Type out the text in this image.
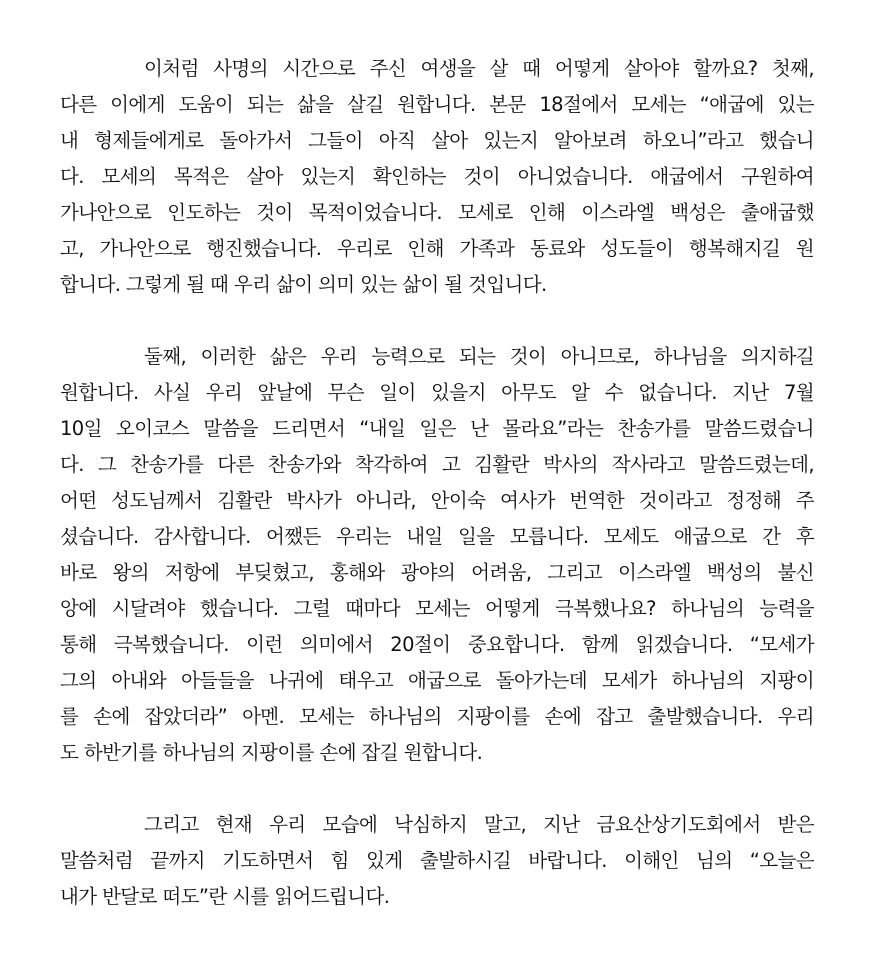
이처럼 사명의 시간으로 주신 여생을 살 때 어떻게 살아야 할까요? 첫째,
다른 이에게 도움이 되는 삶을 살길 원합니다. 본문 18절에서 모세는 “애굽에 있는
내 형제들에게로 돌아가서 그들이 아직 살아 있는지 알아보려 하오니”라고 했습니
다. 모세의 목적은 살아 있는지 확인하는 것이 아니었습니다. 애굽에서 구원하여
가나안으로 인도하는 것이 목적이었습니다. 모세로 인해 이스라엘 백성은 출애굽했
고, 가나안으로 행진했습니다. 우리로 인해 가족과 동료와 성도들이 행복해지길 원
합니다. 그렇게 될 때 우리 삶이 의미 있는 삶이 될 것입니다.
둘째, 이러한 삶은 우리 능력으로 되는 것이 아니므로, 하나님을 의지하길
원합니다. 사실 우리 앞날에 무슨 일이 있을지 아무도 알 수 없습니다. 지난 7월
10일 오이코스 말씀을 드리면서 “내일 일은 난 몰라요”라는 찬송가를 말씀드렸습니
다. 그 찬송가를 다른 찬송가와 착각하여 고 김활란 박사의 작사라고 말씀드렸는데,
어떤 성도님께서 김활란 박사가 아니라, 안이숙 여사가 번역한 것이라고 정정해 주
셨습니다. 감사합니다. 어쨌든 우리는 내일 일을 모릅니다. 모세도 애굽으로 간 후
바로 왕의 저항에 부딪혔고, 홍해와 광야의 어려움, 그리고 이스라엘 백성의 불신
앙에 시달려야 했습니다. 그럴 때마다 모세는 어떻게 극복했나요? 하나님의 능력을
통해 극복했습니다. 이런 의미에서 20절이 중요합니다. 함께 읽겠습니다. “모세가
그의 아내와 아들들을 나귀에 태우고 애굽으로 돌아가는데 모세가 하나님의 지팡이
를 손에 잡았더라” 아멘. 모세는 하나님의 지팡이를 손에 잡고 출발했습니다. 우리
도 하반기를 하나님의 지팡이를 손에 잡길 원합니다.
그리고 현재 우리 모습에 낙심하지 말고, 지난 금요산상기도회에서 받은
말씀처럼 끝까지 기도하면서 힘 있게 출발하시길 바랍니다. 이해인 님의 “오늘은
내가 반달로 떠도”란 시를 읽어드립니다.
